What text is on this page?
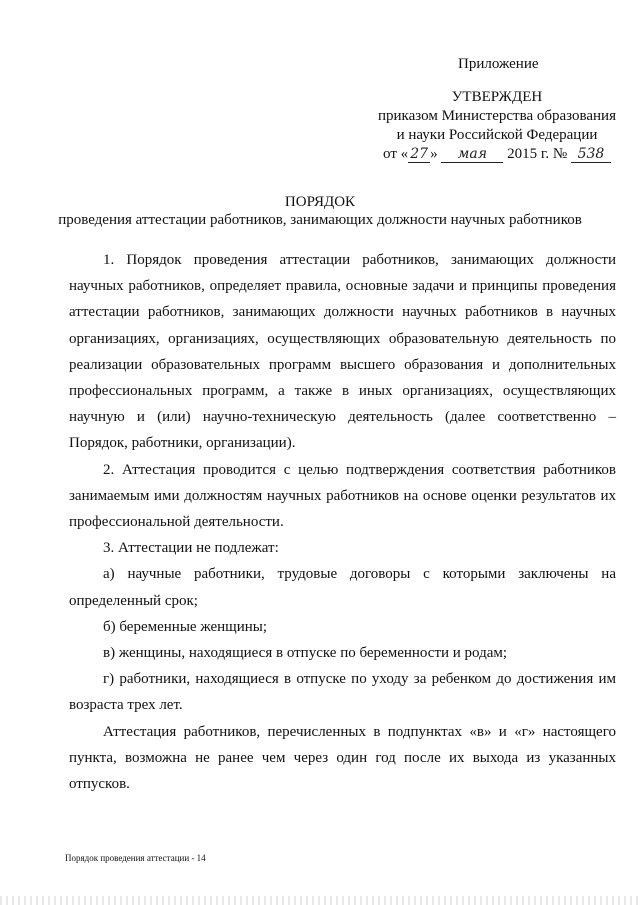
Приложение
УТВЕРЖДЕН
приказом Министерства образования
и науки Российской Федерации
от « 27 » мая 2015 г. № 538
ПОРЯДОК
проведения аттестации работников, занимающих должности научных работников

1. Порядок проведения аттестации работников, занимающих должности научных работников, определяет правила, основные задачи и принципы проведения аттестации работников, занимающих должности научных работников в научных организациях, организациях, осуществляющих образовательную деятельность по реализации образовательных программ высшего образования и дополнительных профессиональных программ, а также в иных организациях, осуществляющих научную и (или) научно-техническую деятельность (далее соответственно – Порядок, работники, организации).

2. Аттестация проводится с целью подтверждения соответствия работников занимаемым ими должностям научных работников на основе оценки результатов их профессиональной деятельности.

3. Аттестации не подлежат:

а) научные работники, трудовые договоры с которыми заключены на определенный срок;

б) беременные женщины;

в) женщины, находящиеся в отпуске по беременности и родам;

г) работники, находящиеся в отпуске по уходу за ребенком до достижения им возраста трех лет.

Аттестация работников, перечисленных в подпунктах «в» и «г» настоящего пункта, возможна не ранее чем через один год после их выхода из указанных отпусков.

Порядок проведения аттестации - 14
